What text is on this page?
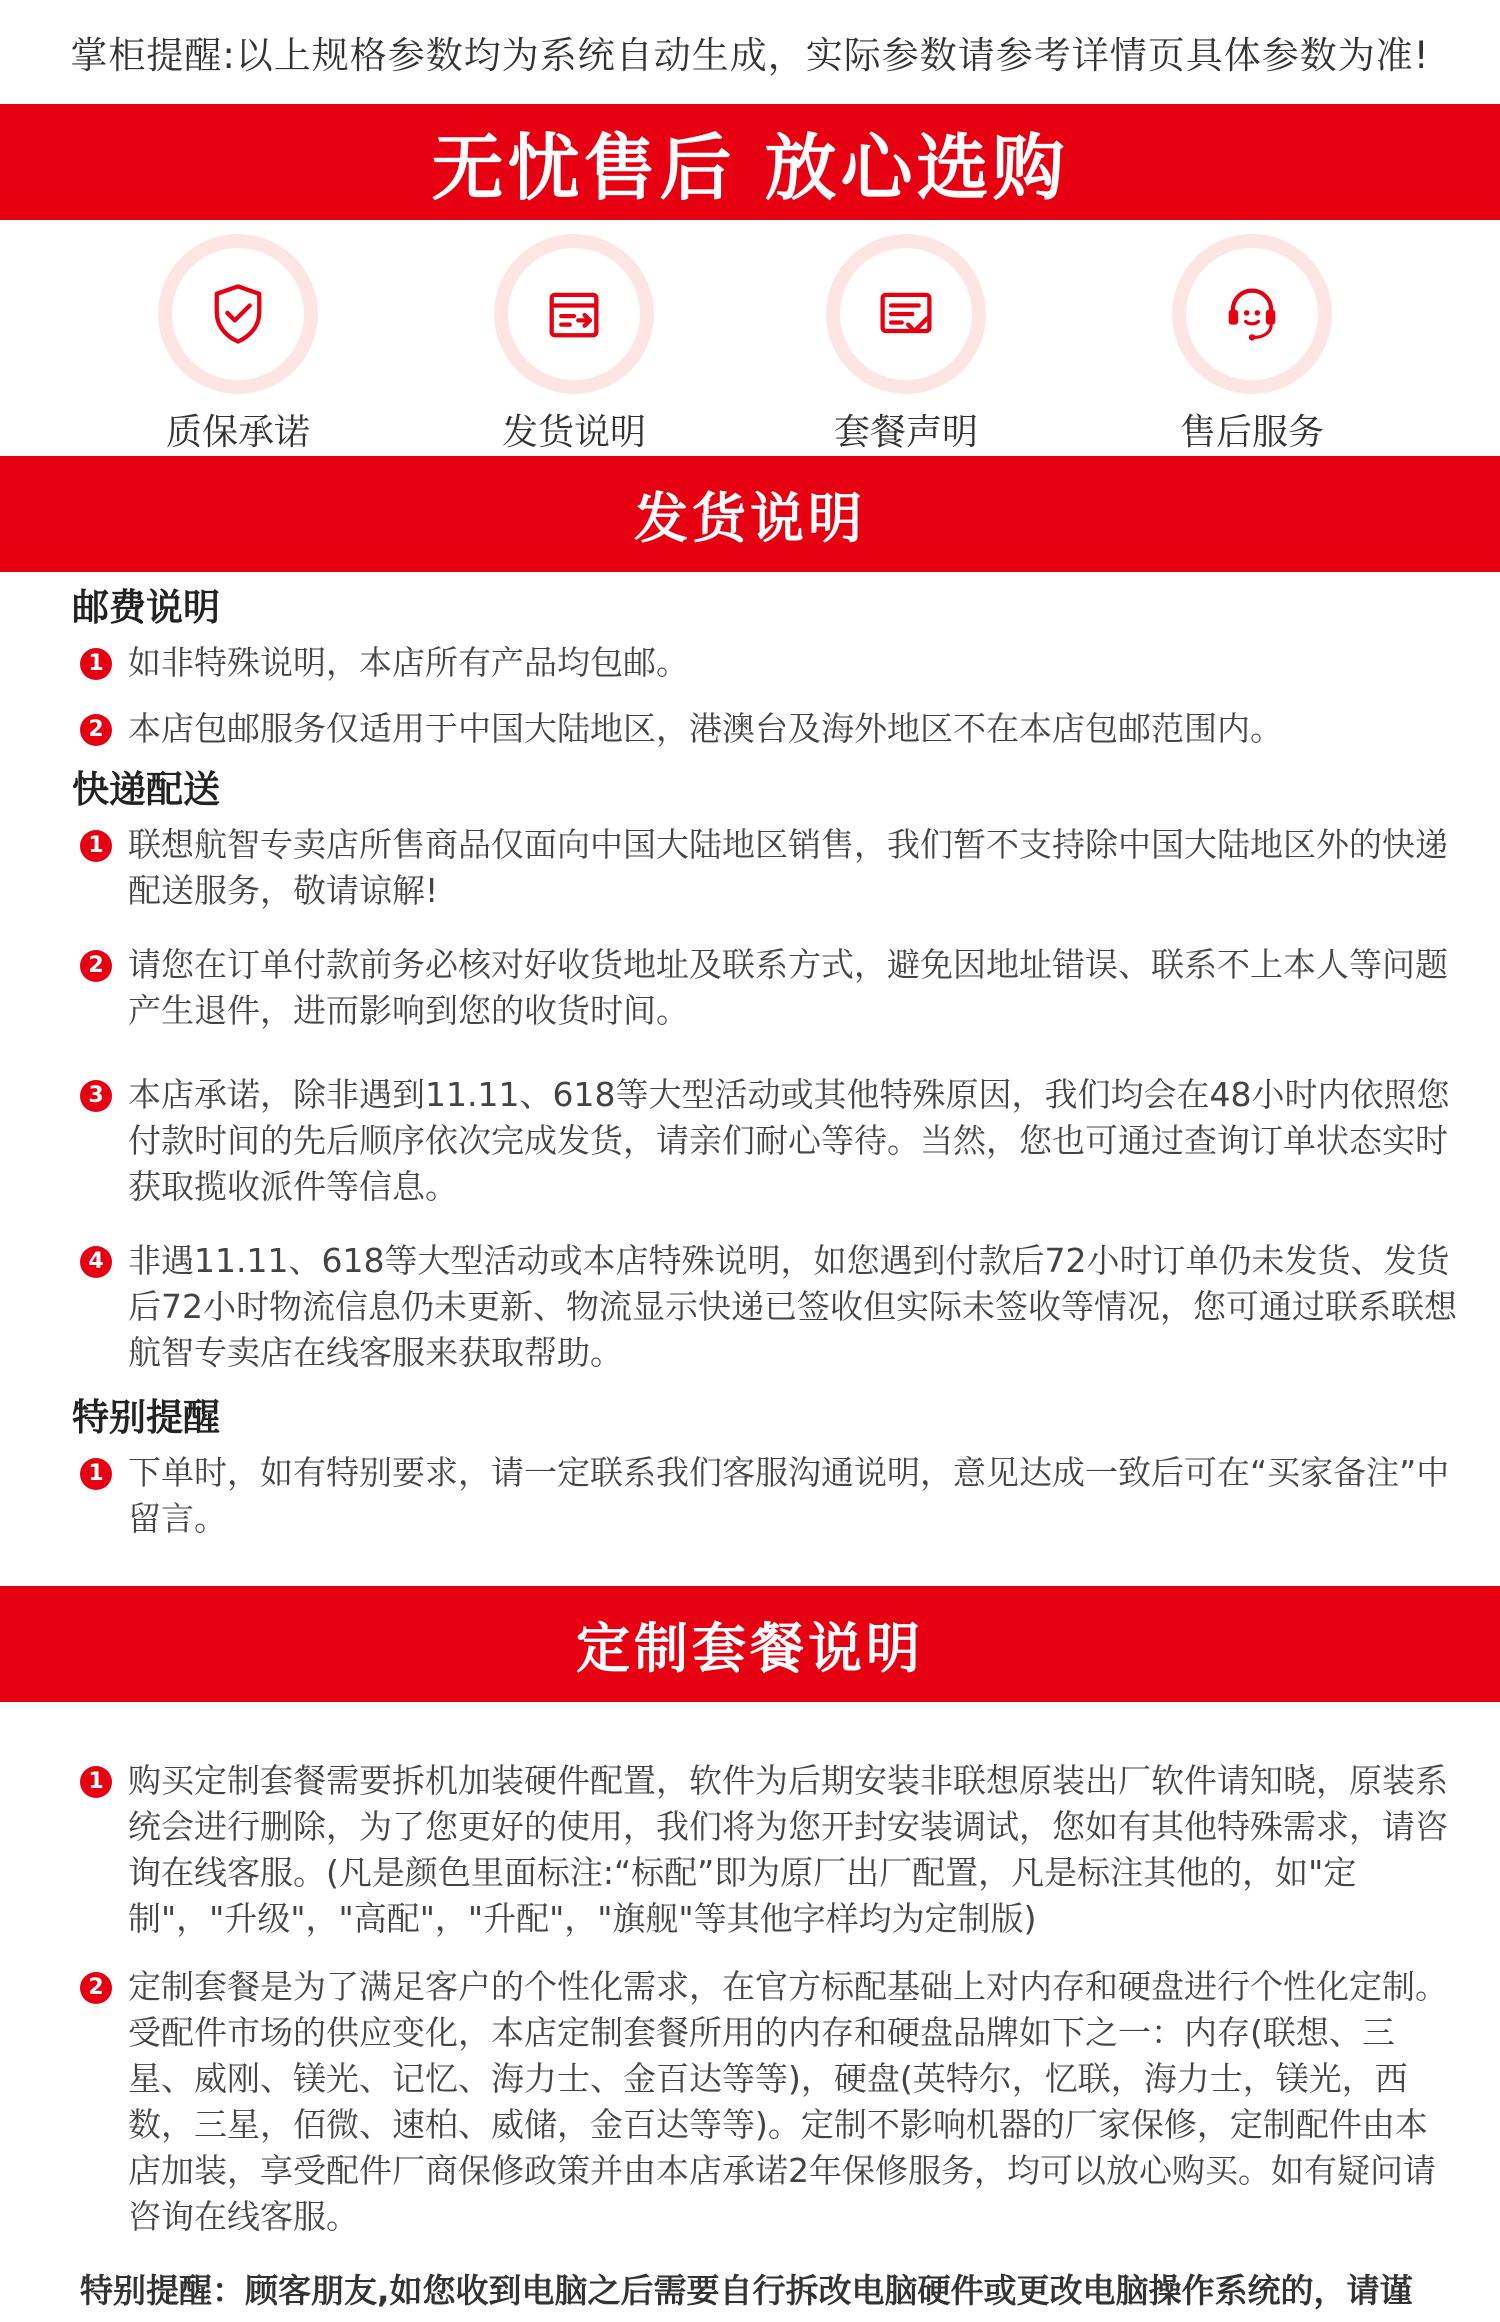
掌柜提醒:以上规格参数均为系统自动生成，实际参数请参考详情页具体参数为准!
无忧售后 放心选购
质保承诺	发货说明	套餐声明	售后服务
发货说明
邮费说明
1 如非特殊说明，本店所有产品均包邮。
2 本店包邮服务仅适用于中国大陆地区，港澳台及海外地区不在本店包邮范围内。
快递配送
1 联想航智专卖店所售商品仅面向中国大陆地区销售，我们暂不支持除中国大陆地区外的快递配送服务，敬请谅解!
2 请您在订单付款前务必核对好收货地址及联系方式，避免因地址错误、联系不上本人等问题产生退件，进而影响到您的收货时间。
3 本店承诺，除非遇到11.11、618等大型活动或其他特殊原因，我们均会在48小时内依照您付款时间的先后顺序依次完成发货，请亲们耐心等待。当然，您也可通过查询订单状态实时获取揽收派件等信息。
4 非遇11.11、618等大型活动或本店特殊说明，如您遇到付款后72小时订单仍未发货、发货后72小时物流信息仍未更新、物流显示快递已签收但实际未签收等情况，您可通过联系联想航智专卖店在线客服来获取帮助。
特别提醒
1 下单时，如有特别要求，请一定联系我们客服沟通说明，意见达成一致后可在“买家备注”中留言。
定制套餐说明
1 购买定制套餐需要拆机加装硬件配置，软件为后期安装非联想原装出厂软件请知晓，原装系统会进行删除，为了您更好的使用，我们将为您开封安装调试，您如有其他特殊需求，请咨询在线客服。(凡是颜色里面标注:“标配”即为原厂出厂配置，凡是标注其他的，如"定制"，"升级"，"高配"，"升配"，"旗舰"等其他字样均为定制版)
2 定制套餐是为了满足客户的个性化需求，在官方标配基础上对内存和硬盘进行个性化定制。受配件市场的供应变化，本店定制套餐所用的内存和硬盘品牌如下之一：内存(联想、三星、威刚、镁光、记忆、海力士、金百达等等)，硬盘(英特尔，忆联，海力士，镁光，西数，三星，佰微、速柏、威储，金百达等等)。定制不影响机器的厂家保修，定制配件由本店加装，享受配件厂商保修政策并由本店承诺2年保修服务，均可以放心购买。如有疑问请咨询在线客服。
特别提醒：顾客朋友,如您收到电脑之后需要自行拆改电脑硬件或更改电脑操作系统的，请谨
